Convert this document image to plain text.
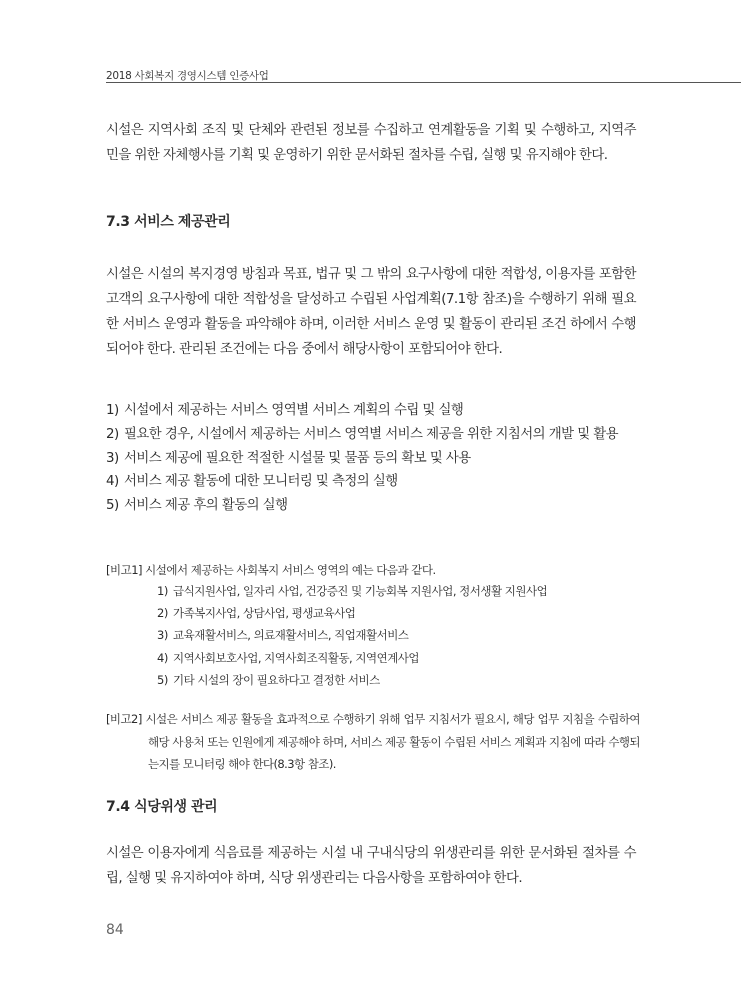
2018 사회복지 경영시스템 인증사업

시설은 지역사회 조직 및 단체와 관련된 정보를 수집하고 연계활동을 기획 및 수행하고, 지역주민을 위한 자체행사를 기획 및 운영하기 위한 문서화된 절차를 수립, 실행 및 유지해야 한다.

7.3 서비스 제공관리

시설은 시설의 복지경영 방침과 목표, 법규 및 그 밖의 요구사항에 대한 적합성, 이용자를 포함한 고객의 요구사항에 대한 적합성을 달성하고 수립된 사업계획(7.1항 참조)을 수행하기 위해 필요한 서비스 운영과 활동을 파악해야 하며, 이러한 서비스 운영 및 활동이 관리된 조건 하에서 수행되어야 한다. 관리된 조건에는 다음 중에서 해당사항이 포함되어야 한다.

1) 시설에서 제공하는 서비스 영역별 서비스 계획의 수립 및 실행
2) 필요한 경우, 시설에서 제공하는 서비스 영역별 서비스 제공을 위한 지침서의 개발 및 활용
3) 서비스 제공에 필요한 적절한 시설물 및 물품 등의 확보 및 사용
4) 서비스 제공 활동에 대한 모니터링 및 측정의 실행
5) 서비스 제공 후의 활동의 실행
[비고1] 시설에서 제공하는 사회복지 서비스 영역의 예는 다음과 같다.
1) 급식지원사업, 일자리 사업, 건강증진 및 기능회복 지원사업, 정서생활 지원사업
2) 가족복지사업, 상담사업, 평생교육사업
3) 교육재활서비스, 의료재활서비스, 직업재활서비스
4) 지역사회보호사업, 지역사회조직활동, 지역연계사업
5) 기타 시설의 장이 필요하다고 결정한 서비스

[비고2] 시설은 서비스 제공 활동을 효과적으로 수행하기 위해 업무 지침서가 필요시, 해당 업무 지침을 수립하여 해당 사용처 또는 인원에게 제공해야 하며, 서비스 제공 활동이 수립된 서비스 계획과 지침에 따라 수행되는지를 모니터링 해야 한다(8.3항 참조).

7.4 식당위생 관리

시설은 이용자에게 식음료를 제공하는 시설 내 구내식당의 위생관리를 위한 문서화된 절차를 수립, 실행 및 유지하여야 하며, 식당 위생관리는 다음사항을 포함하여야 한다.

84
